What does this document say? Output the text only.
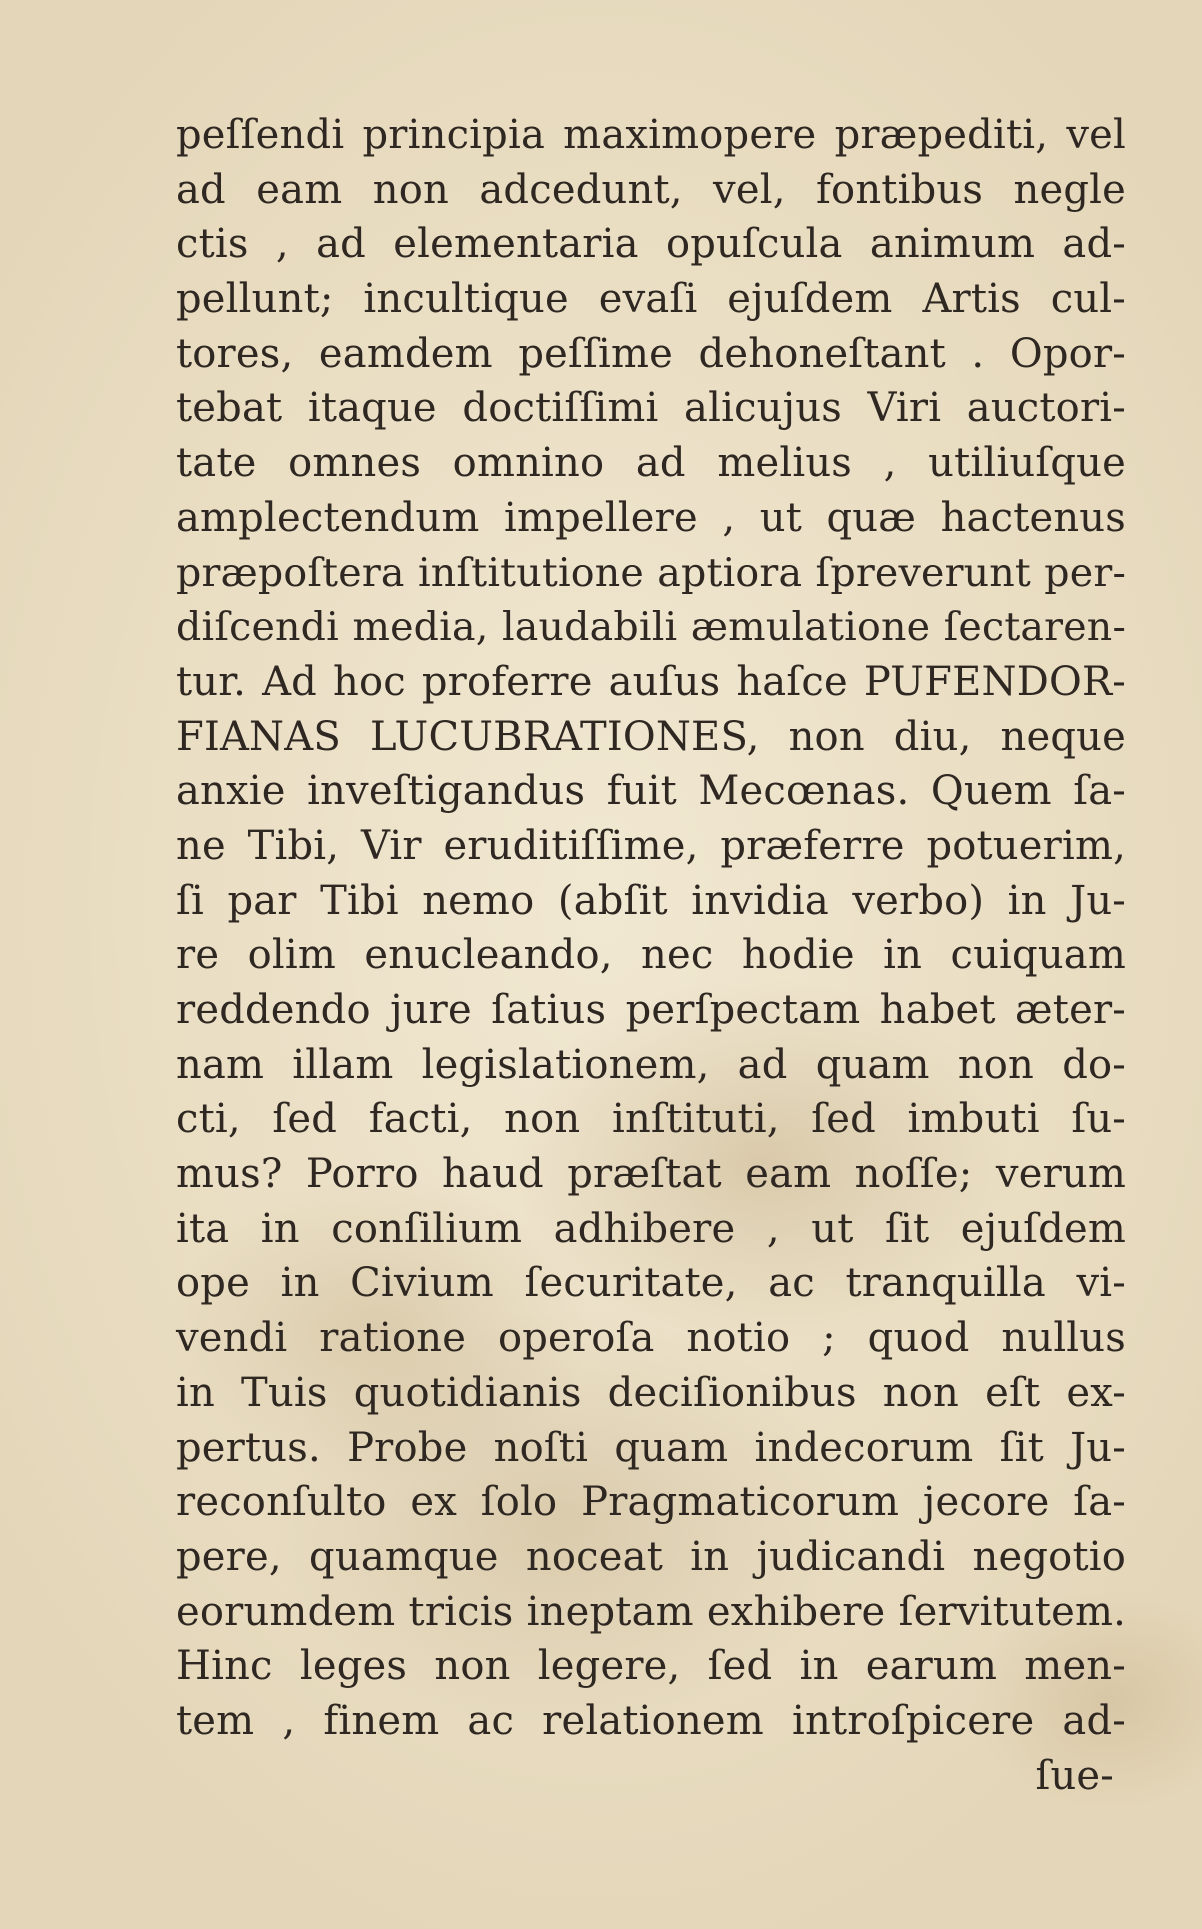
peſſendi principia maximopere præpediti, vel
ad eam non adcedunt, vel, fontibus negle
ctis , ad elementaria opuſcula animum ad-
pellunt; incultique evaſi ejuſdem Artis cul-
tores, eamdem peſſime dehoneſtant . Opor-
tebat itaque doctiſſimi alicujus Viri auctori-
tate omnes omnino ad melius , utiliuſque
amplectendum impellere , ut quæ hactenus
præpoſtera inſtitutione aptiora ſpreverunt per-
diſcendi media, laudabili æmulatione ſectaren-
tur. Ad hoc proferre auſus haſce PUFENDOR-
FIANAS LUCUBRATIONES, non diu, neque
anxie inveſtigandus fuit Mecœnas. Quem ſa-
ne Tibi, Vir eruditiſſime, præferre potuerim,
ſi par Tibi nemo (abſit invidia verbo) in Ju-
re olim enucleando, nec hodie in cuiquam
reddendo jure ſatius perſpectam habet æter-
nam illam legislationem, ad quam non do-
cti, ſed facti, non inſtituti, ſed imbuti ſu-
mus? Porro haud præſtat eam noſſe; verum
ita in conſilium adhibere , ut ſit ejuſdem
ope in Civium ſecuritate, ac tranquilla vi-
vendi ratione operoſa notio ; quod nullus
in Tuis quotidianis deciſionibus non eſt ex-
pertus. Probe noſti quam indecorum ſit Ju-
reconſulto ex ſolo Pragmaticorum jecore ſa-
pere, quamque noceat in judicandi negotio
eorumdem tricis ineptam exhibere ſervitutem.
Hinc leges non legere, ſed in earum men-
tem , finem ac relationem introſpicere ad-
ſue-
